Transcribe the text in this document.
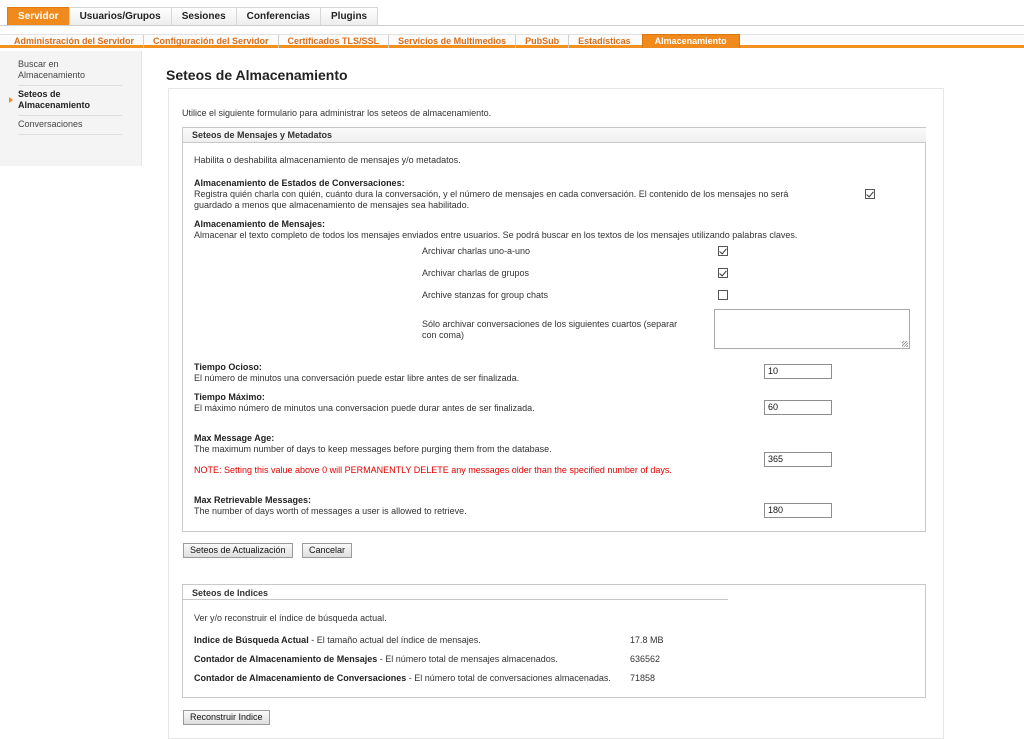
Servidor	Usuarios/Grupos	Sesiones	Conferencias	Plugins
Administración del Servidor	Configuración del Servidor	Certificados TLS/SSL	Servicios de Multimedios	PubSub	Estadísticas	Almacenamiento
Buscar en
Almacenamiento
Seteos de
Almacenamiento
Conversaciones
Seteos de Almacenamiento
Utilice el siguiente formulario para administrar los seteos de almacenamiento.
Seteos de Mensajes y Metadatos
Habilita o deshabilita almacenamiento de mensajes y/o metadatos.
Almacenamiento de Estados de Conversaciones:
Registra quién charla con quién, cuánto dura la conversación, y el número de mensajes en cada conversación. El contenido de los mensajes no será
guardado a menos que almacenamiento de mensajes sea habilitado.
Almacenamiento de Mensajes:
Almacenar el texto completo de todos los mensajes enviados entre usuarios. Se podrá buscar en los textos de los mensajes utilizando palabras claves.
Archivar charlas uno-a-uno
Archivar charlas de grupos
Archive stanzas for group chats
Sólo archivar conversaciones de los siguientes cuartos (separar
con coma)
Tiempo Ocioso:
El número de minutos una conversación puede estar libre antes de ser finalizada.
10
Tiempo Máximo:
El máximo número de minutos una conversacion puede durar antes de ser finalizada.	60
Max Message Age:
The maximum number of days to keep messages before purging them from the database.
NOTE: Setting this value above 0 will PERMANENTLY DELETE any messages older than the specified number of days.
365
Max Retrievable Messages:
The number of days worth of messages a user is allowed to retrieve.	180
Seteos de Actualización	Cancelar
Seteos de Indices
Ver y/o reconstruir el índice de búsqueda actual.
Indice de Búsqueda Actual - El tamaño actual del índice de mensajes.	17.8 MB
Contador de Almacenamiento de Mensajes - El número total de mensajes almacenados.	636562
Contador de Almacenamiento de Conversaciones - El número total de conversaciones almacenadas. 71858
Reconstruir Indice
